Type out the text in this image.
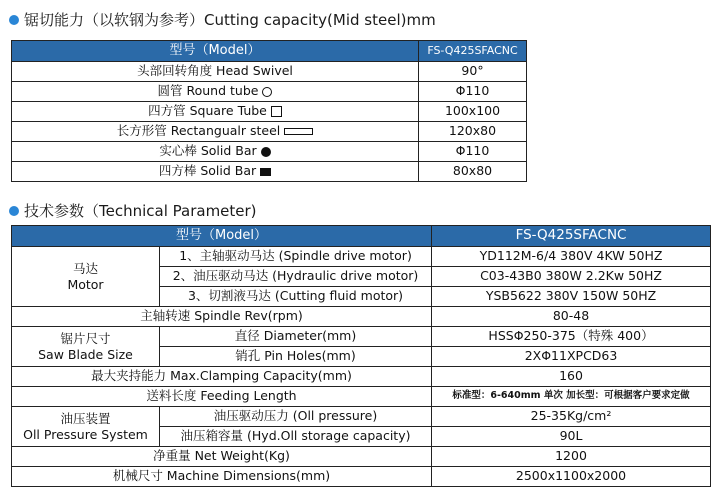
锯切能力（以软钢为参考）Cutting capacity(Mid steel)mm
型号（Model）	FS-Q425SFACNC
头部回转角度 Head Swivel	90°
圆管 Round tube	Φ110
四方管 Square Tube	100x100
长方形管 Rectangualr steel	120x80
实心棒 Solid Bar	Φ110
四方棒 Solid Bar	80x80
技术参数（Technical Parameter)
型号（Model）		FS-Q425SFACNC

马达
Motor	1、主轴驱动马达 (Spindle drive motor)	YD112M-6/4 380V 4KW 50HZ
	2、油压驱动马达 (Hydraulic drive motor)	C03-43B0 380W 2.2Kw 50HZ
	3、切割液马达 (Cutting fluid motor)	YSB5622 380V 150W 50HZ
主轴转速 Spindle Rev(rpm)		80-48

锯片尺寸
Saw Blade Size	直径 Diameter(mm)	HSSΦ250-375（特殊 400）
	销孔 Pin Holes(mm)	2XΦ11XPCD63
最大夹持能力 Max.Clamping Capacity(mm)		160
送料长度 Feeding Length		标准型：6-640mm 单次 加长型：可根据客户要求定做

油压装置
Oll Pressure System	油压驱动压力 (Oll pressure)	25-35Kg/cm²
	油压箱容量 (Hyd.Oll storage capacity)	90L
净重量 Net Weight(Kg)		1200
机械尺寸 Machine Dimensions(mm)		2500x1100x2000
